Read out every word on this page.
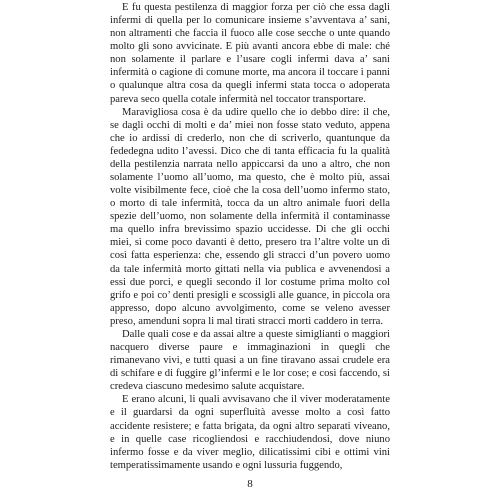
E fu questa pestilenza di maggior forza per ciò che essa dagli infermi di quella per lo comunicare insieme s’avventava a’ sani, non altramenti che faccia il fuoco alle cose secche o unte quando molto gli sono avvicinate. E più avanti ancora ebbe di male: ché non solamente il parlare e l’usare cogli infermi dava a’ sani infermità o cagione di comune morte, ma ancora il toccare i panni o qualunque altra cosa da quegli infermi stata tocca o adoperata pareva seco quella cotale infermità nel toccator transportare.

Maravigliosa cosa è da udire quello che io debbo dire: il che, se dagli occhi di molti e da’ miei non fosse stato veduto, appena che io ardissi di crederlo, non che di scriverlo, quantunque da fededegna udito l’avessi. Dico che di tanta efficacia fu la qualità della pestilenzia narrata nello appiccarsi da uno a altro, che non solamente l’uomo all’uomo, ma questo, che è molto più, assai volte visibilmente fece, cioè che la cosa dell’uomo infermo stato, o morto di tale infermità, tocca da un altro animale fuori della spezie dell’uomo, non solamente della infermità il contaminasse ma quello infra brevissimo spazio uccidesse. Di che gli occhi miei, sì come poco davanti è detto, presero tra l’altre volte un dì così fatta esperienza: che, essendo gli stracci d’un povero uomo da tale infermità morto gittati nella via publica e avvenendosi a essi due porci, e quegli secondo il lor costume prima molto col grifo e poi co’ denti presigli e scossigli alle guance, in piccola ora appresso, dopo alcuno avvolgimento, come se veleno avesser preso, amenduni sopra li mal tirati stracci morti caddero in terra.

Dalle quali cose e da assai altre a queste simiglianti o maggiori nacquero diverse paure e immaginazioni in quegli che rimanevano vivi, e tutti quasi a un fine tiravano assai crudele era di schifare e di fuggire gl’infermi e le lor cose; e così faccendo, si credeva ciascuno medesimo salute acquistare.

E erano alcuni, li quali avvisavano che il viver moderatamente e il guardarsi da ogni superfluità avesse molto a così fatto accidente resistere; e fatta brigata, da ogni altro separati viveano, e in quelle case ricogliendosi e racchiudendosi, dove niuno infermo fosse e da viver meglio, dilicatissimi cibi e ottimi vini temperatissimamente usando e ogni lussuria fuggendo,

8
